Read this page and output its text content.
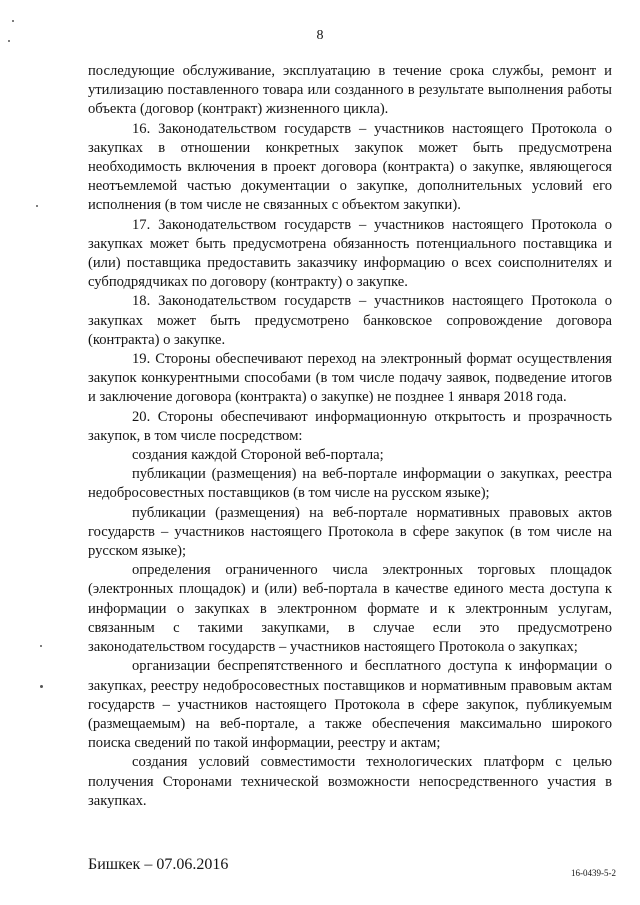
8

последующие обслуживание, эксплуатацию в течение срока службы, ремонт и утилизацию поставленного товара или созданного в результате выполнения работы объекта (договор (контракт) жизненного цикла).

16. Законодательством государств – участников настоящего Протокола о закупках в отношении конкретных закупок может быть предусмотрена необходимость включения в проект договора (контракта) о закупке, являющегося неотъемлемой частью документации о закупке, дополнительных условий его исполнения (в том числе не связанных с объектом закупки).

17. Законодательством государств – участников настоящего Протокола о закупках может быть предусмотрена обязанность потенциального поставщика и (или) поставщика предоставить заказчику информацию о всех соисполнителях и субподрядчиках по договору (контракту) о закупке.

18. Законодательством государств – участников настоящего Протокола о закупках может быть предусмотрено банковское сопровождение договора (контракта) о закупке.

19. Стороны обеспечивают переход на электронный формат осуществления закупок конкурентными способами (в том числе подачу заявок, подведение итогов и заключение договора (контракта) о закупке) не позднее 1 января 2018 года.

20. Стороны обеспечивают информационную открытость и прозрачность закупок, в том числе посредством:

создания каждой Стороной веб-портала;

публикации (размещения) на веб-портале информации о закупках, реестра недобросовестных поставщиков (в том числе на русском языке);

публикации (размещения) на веб-портале нормативных правовых актов государств – участников настоящего Протокола в сфере закупок (в том числе на русском языке);

определения ограниченного числа электронных торговых площадок (электронных площадок) и (или) веб-портала в качестве единого места доступа к информации о закупках в электронном формате и к электронным услугам, связанным с такими закупками, в случае если это предусмотрено законодательством государств – участников настоящего Протокола о закупках;

организации беспрепятственного и бесплатного доступа к информации о закупках, реестру недобросовестных поставщиков и нормативным правовым актам государств – участников настоящего Протокола в сфере закупок, публикуемым (размещаемым) на веб-портале, а также обеспечения максимально широкого поиска сведений по такой информации, реестру и актам;

создания условий совместимости технологических платформ с целью получения Сторонами технической возможности непосредственного участия в закупках.

Бишкек – 07.06.2016	16-0439-5-2
